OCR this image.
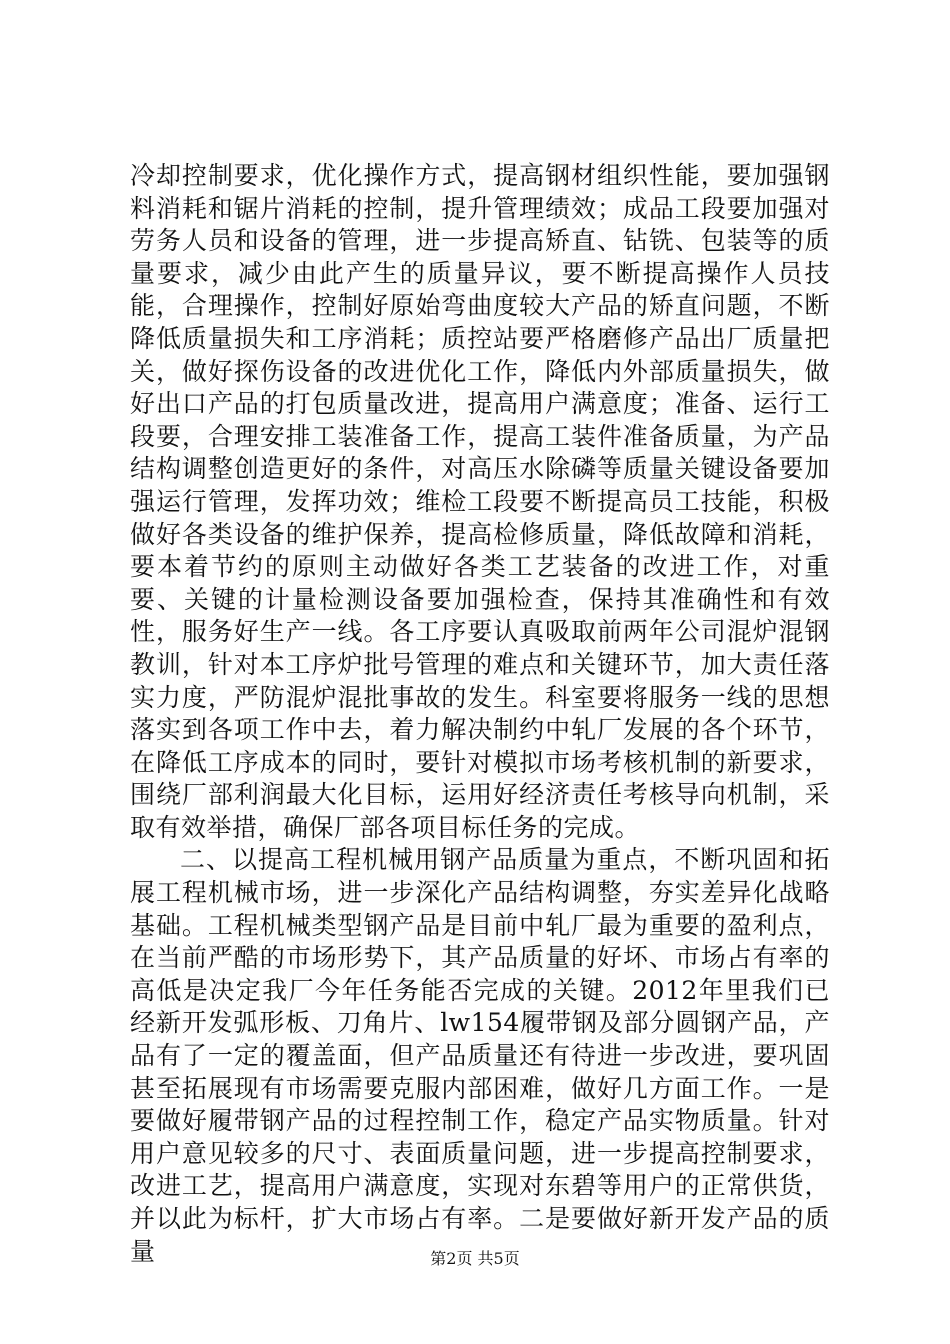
冷却控制要求，优化操作方式，提高钢材组织性能，要加强钢料消耗和锯片消耗的控制，提升管理绩效；成品工段要加强对劳务人员和设备的管理，进一步提高矫直、钻铣、包装等的质量要求，减少由此产生的质量异议，要不断提高操作人员技能，合理操作，控制好原始弯曲度较大产品的矫直问题，不断降低质量损失和工序消耗；质控站要严格磨修产品出厂质量把关，做好探伤设备的改进优化工作，降低内外部质量损失，做好出口产品的打包质量改进，提高用户满意度；准备、运行工段要，合理安排工装准备工作，提高工装件准备质量，为产品结构调整创造更好的条件，对高压水除磷等质量关键设备要加强运行管理，发挥功效；维检工段要不断提高员工技能，积极做好各类设备的维护保养，提高检修质量，降低故障和消耗，要本着节约的原则主动做好各类工艺装备的改进工作，对重要、关键的计量检测设备要加强检查，保持其准确性和有效性，服务好生产一线。各工序要认真吸取前两年公司混炉混钢教训，针对本工序炉批号管理的难点和关键环节，加大责任落实力度，严防混炉混批事故的发生。科室要将服务一线的思想落实到各项工作中去，着力解决制约中轧厂发展的各个环节，在降低工序成本的同时，要针对模拟市场考核机制的新要求，围绕厂部利润最大化目标，运用好经济责任考核导向机制，采取有效举措，确保厂部各项目标任务的完成。

二、以提高工程机械用钢产品质量为重点，不断巩固和拓展工程机械市场，进一步深化产品结构调整，夯实差异化战略基础。工程机械类型钢产品是目前中轧厂最为重要的盈利点，在当前严酷的市场形势下，其产品质量的好坏、市场占有率的高低是决定我厂今年任务能否完成的关键。2012年里我们已经新开发弧形板、刀角片、lw154履带钢及部分圆钢产品，产品有了一定的覆盖面，但产品质量还有待进一步改进，要巩固甚至拓展现有市场需要克服内部困难，做好几方面工作。一是要做好履带钢产品的过程控制工作，稳定产品实物质量。针对用户意见较多的尺寸、表面质量问题，进一步提高控制要求，改进工艺，提高用户满意度，实现对东碧等用户的正常供货，并以此为标杆，扩大市场占有率。二是要做好新开发产品的质量	第2页 共5页
